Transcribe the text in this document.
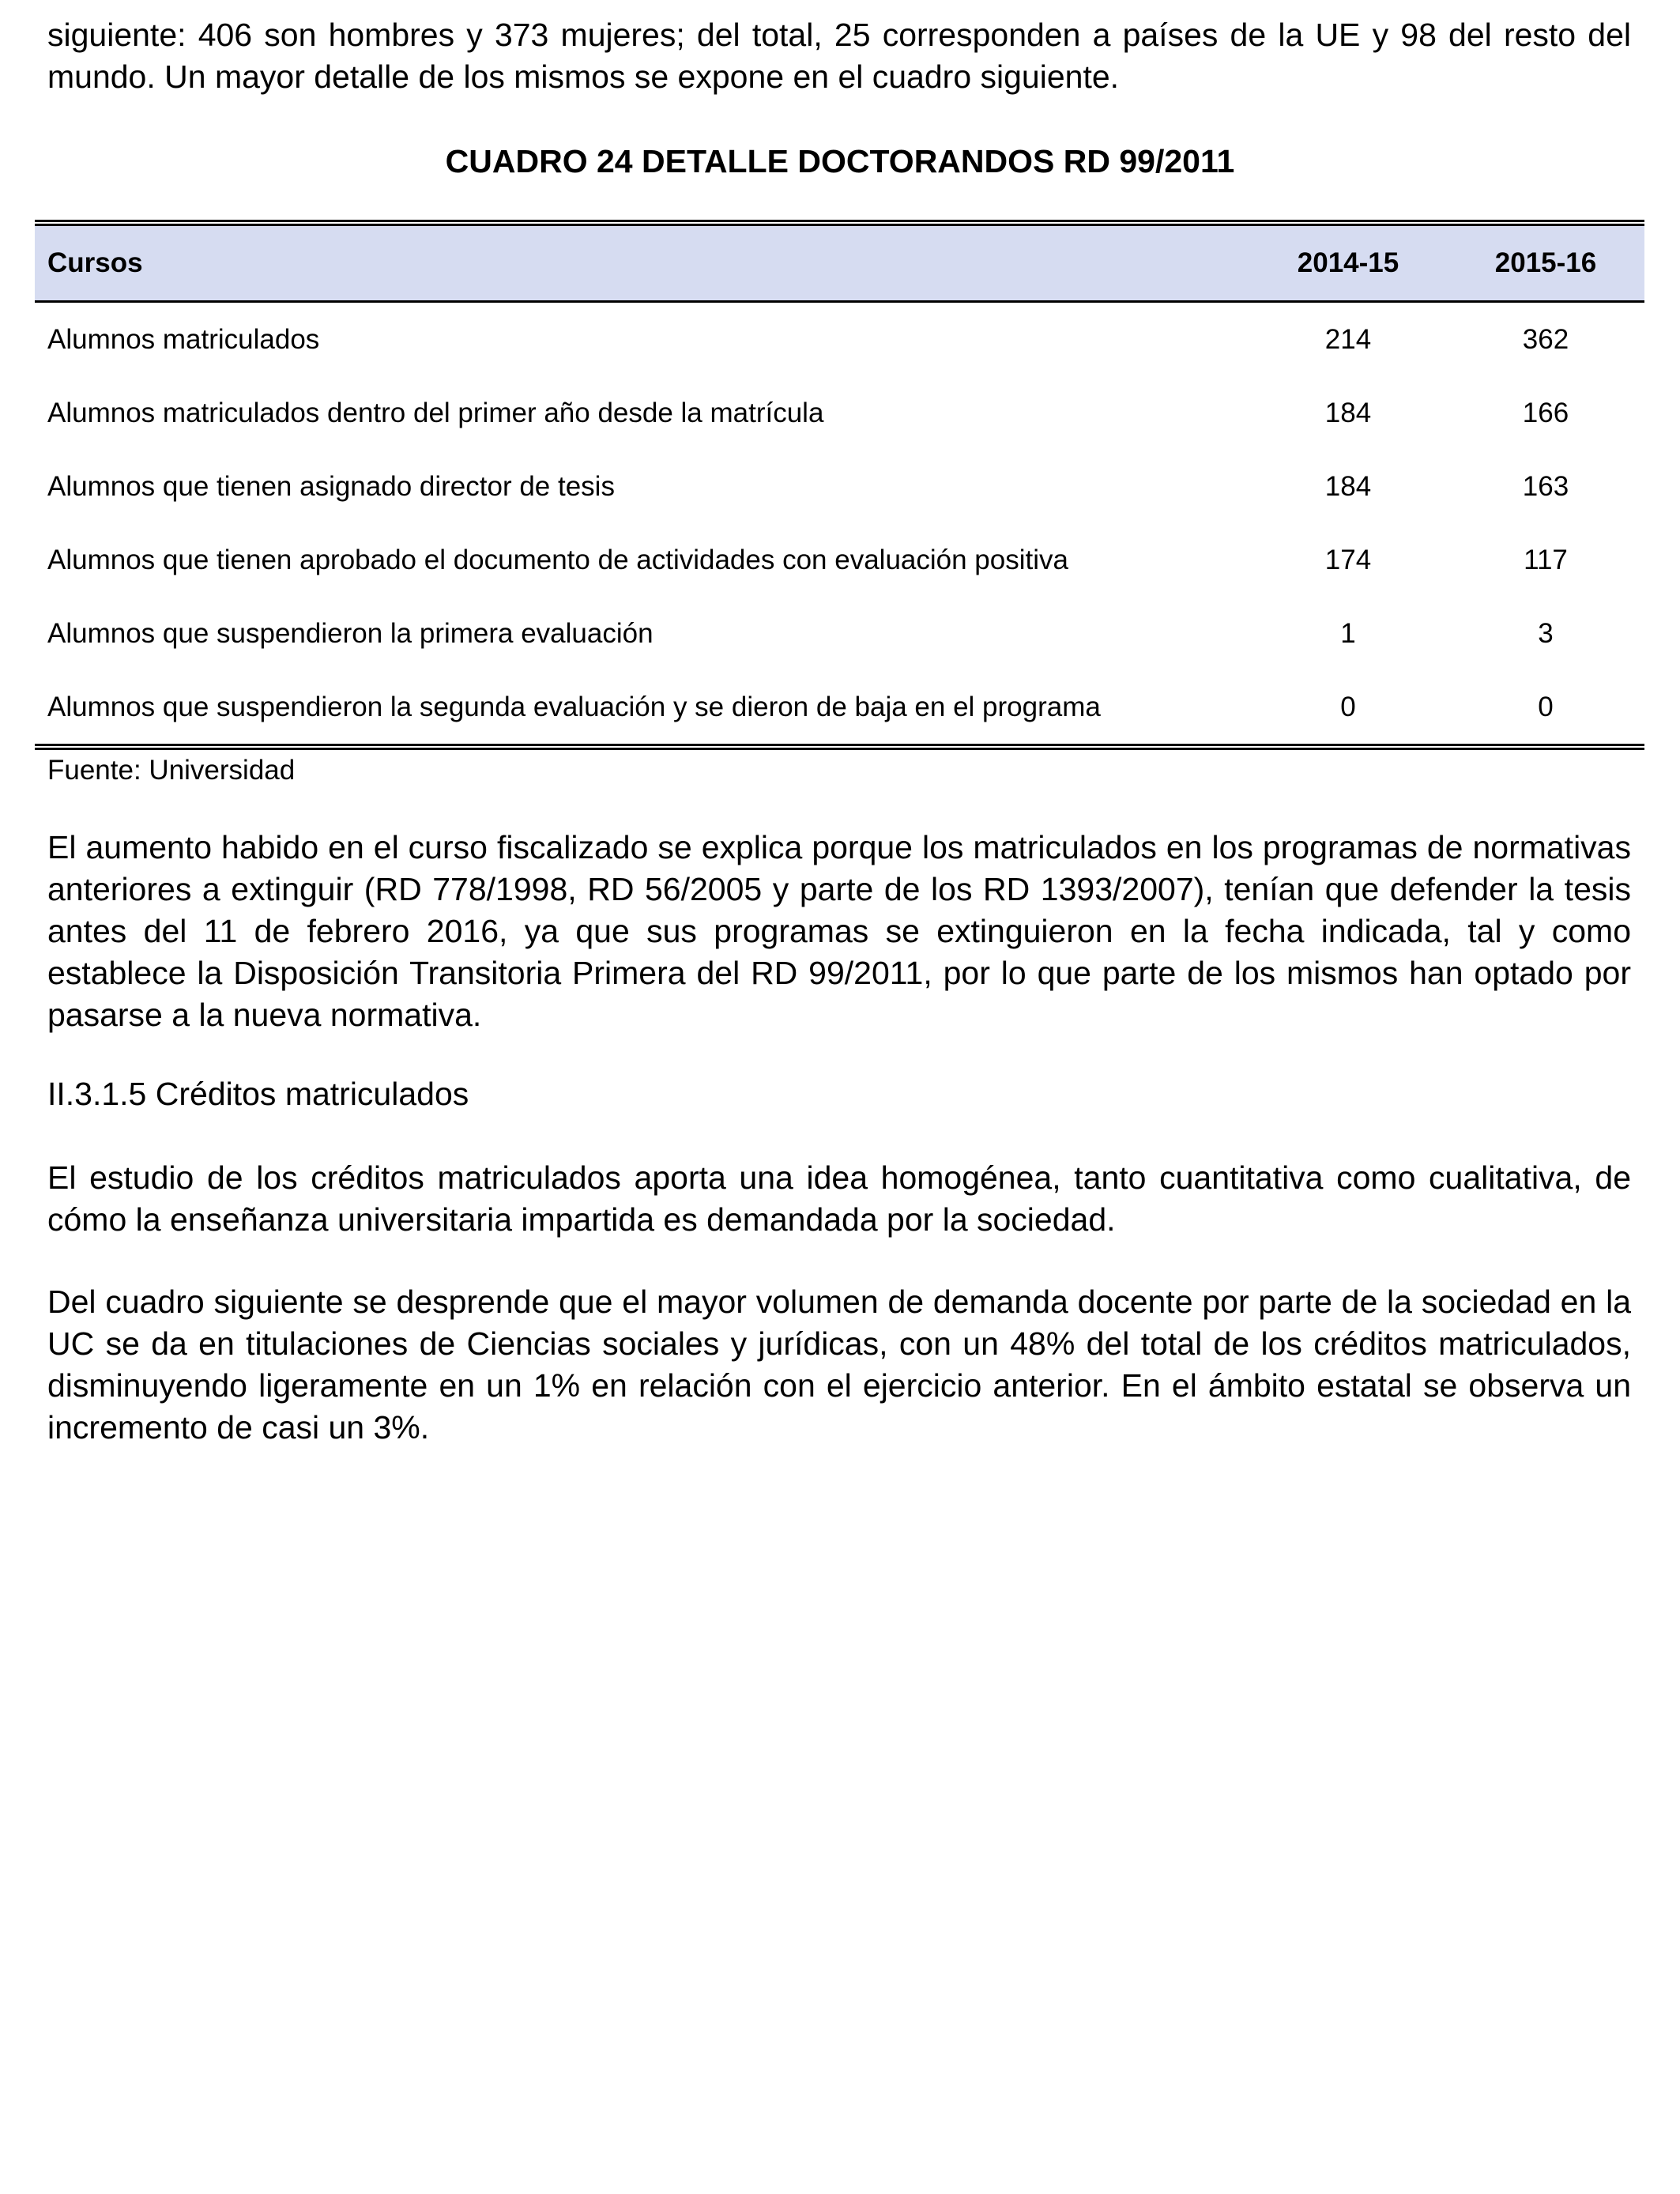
siguiente: 406 son hombres y 373 mujeres; del total, 25 corresponden a países de la UE y 98 del resto del mundo. Un mayor detalle de los mismos se expone en el cuadro siguiente.

CUADRO 24 DETALLE DOCTORANDOS RD 99/2011

Cursos	2014-15	2015-16
Alumnos matriculados	214	362
Alumnos matriculados dentro del primer año desde la matrícula	184	166
Alumnos que tienen asignado director de tesis	184	163
Alumnos que tienen aprobado el documento de actividades con evaluación positiva	174	117
Alumnos que suspendieron la primera evaluación	1	3
Alumnos que suspendieron la segunda evaluación y se dieron de baja en el programa	0	0

Fuente: Universidad

El aumento habido en el curso fiscalizado se explica porque los matriculados en los programas de normativas anteriores a extinguir (RD 778/1998, RD 56/2005 y parte de los RD 1393/2007), tenían que defender la tesis antes del 11 de febrero 2016, ya que sus programas se extinguieron en la fecha indicada, tal y como establece la Disposición Transitoria Primera del RD 99/2011, por lo que parte de los mismos han optado por pasarse a la nueva normativa.

II.3.1.5 Créditos matriculados

El estudio de los créditos matriculados aporta una idea homogénea, tanto cuantitativa como cualitativa, de cómo la enseñanza universitaria impartida es demandada por la sociedad.

Del cuadro siguiente se desprende que el mayor volumen de demanda docente por parte de la sociedad en la UC se da en titulaciones de Ciencias sociales y jurídicas, con un 48% del total de los créditos matriculados, disminuyendo ligeramente en un 1% en relación con el ejercicio anterior. En el ámbito estatal se observa un incremento de casi un 3%.
